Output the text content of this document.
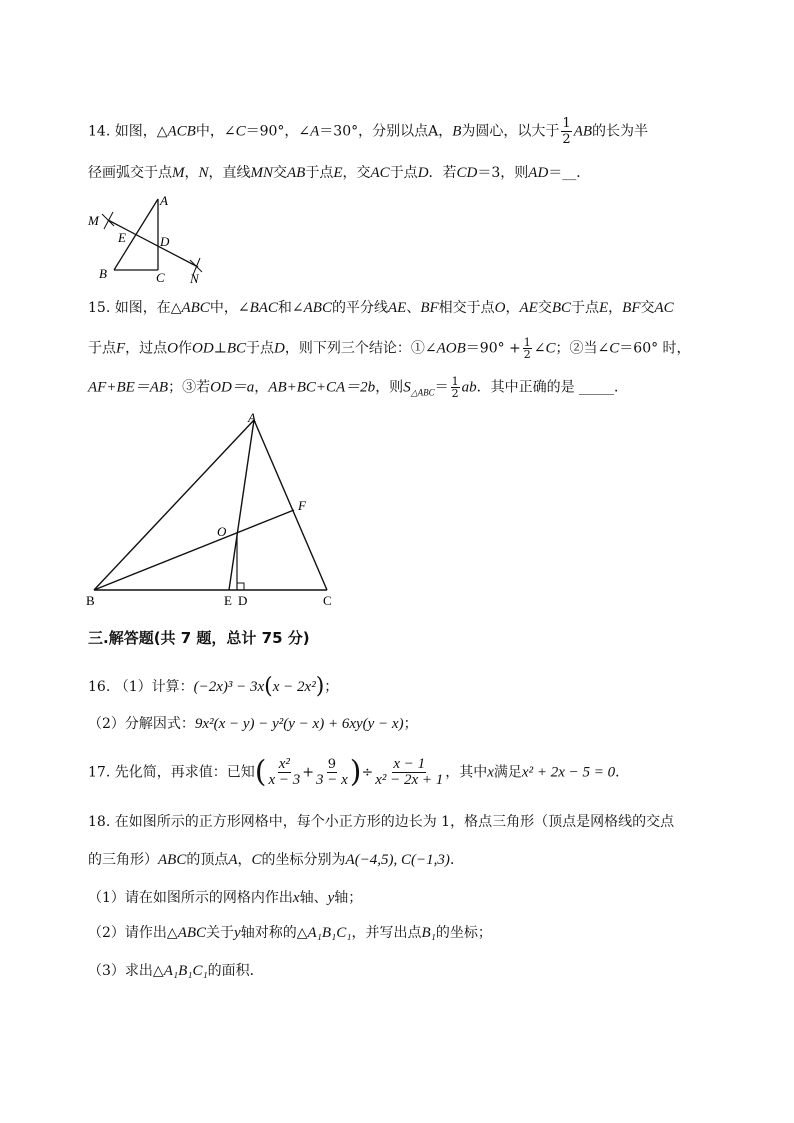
14. 如图，△ACB中，∠C＝90°，∠A＝30°，分别以点A，B为圆心，以大于 $\frac{1}{2}$ AB的长为半
径画弧交于点M，N，直线MN交AB于点E，交AC于点D．若CD＝3，则AD＝__．
M
A
E	D
B	C N
15. 如图，在△ABC中，∠BAC和∠ABC的平分线AE、BF相交于点O，AE交BC于点E，BF交AC
于点F，过点O作OD⊥BC于点D，则下列三个结论：①∠AOB＝90° + $\frac{1}{2}$ ∠C；②当∠C＝60° 时，
AF+BE＝AB；③若OD＝a，AB+BC+CA＝2b，则$S_{\triangle ABC}= \frac{1}{2}$ ab．其中正确的是 _____．
A
F
O
B	E D	C
三.解答题(共 7 题，总计 75 分)
16. （1）计算：(−2x)³ − 3x(x − 2x²)；
（2）分解因式：9x²(x − y) − y²(y − x) + 6xy(y − x)；
17. 先化简，再求值：已知( $\frac{\text{x²}}{x - 3} + \frac{9}{3 - x}$ )÷ $\frac{x - 1}{\text{x² − 2x + 1}}$ ，其中x满足x² + 2x − 5 = 0．
18. 在如图所示的正方形网格中，每个小正方形的边长为 1，格点三角形（顶点是网格线的交点
的三角形）ABC的顶点A，C的坐标分别为A(−4,5), C(−1,3)．
（1）请在如图所示的网格内作出x轴、y轴；
（2）请作出△ABC关于y轴对称的△A₁B₁C₁，并写出点B₁的坐标；
（3）求出△A₁B₁C₁的面积．
